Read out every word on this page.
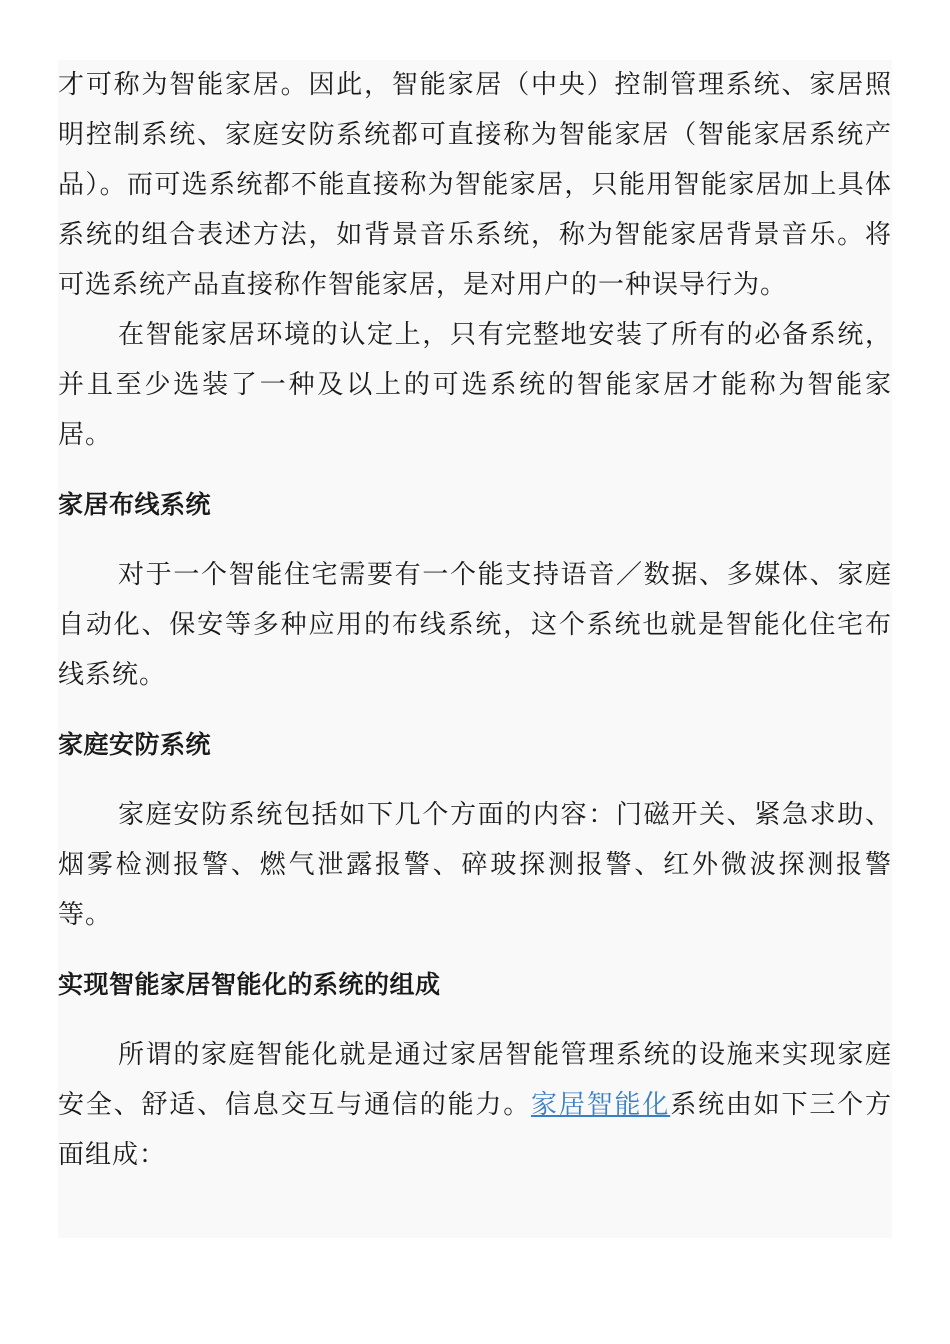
才可称为智能家居。因此，智能家居（中央）控制管理系统、家居照明控制系统、家庭安防系统都可直接称为智能家居（智能家居系统产品）。而可选系统都不能直接称为智能家居，只能用智能家居加上具体系统的组合表述方法，如背景音乐系统，称为智能家居背景音乐。将可选系统产品直接称作智能家居，是对用户的一种误导行为。

在智能家居环境的认定上，只有完整地安装了所有的必备系统，并且至少选装了一种及以上的可选系统的智能家居才能称为智能家居。

家居布线系统

对于一个智能住宅需要有一个能支持语音／数据、多媒体、家庭自动化、保安等多种应用的布线系统，这个系统也就是智能化住宅布线系统。

家庭安防系统

家庭安防系统包括如下几个方面的内容：门磁开关、紧急求助、烟雾检测报警、燃气泄露报警、碎玻探测报警、红外微波探测报警等。

实现智能家居智能化的系统的组成

所谓的家庭智能化就是通过家居智能管理系统的设施来实现家庭安全、舒适、信息交互与通信的能力。家居智能化系统由如下三个方面组成：
